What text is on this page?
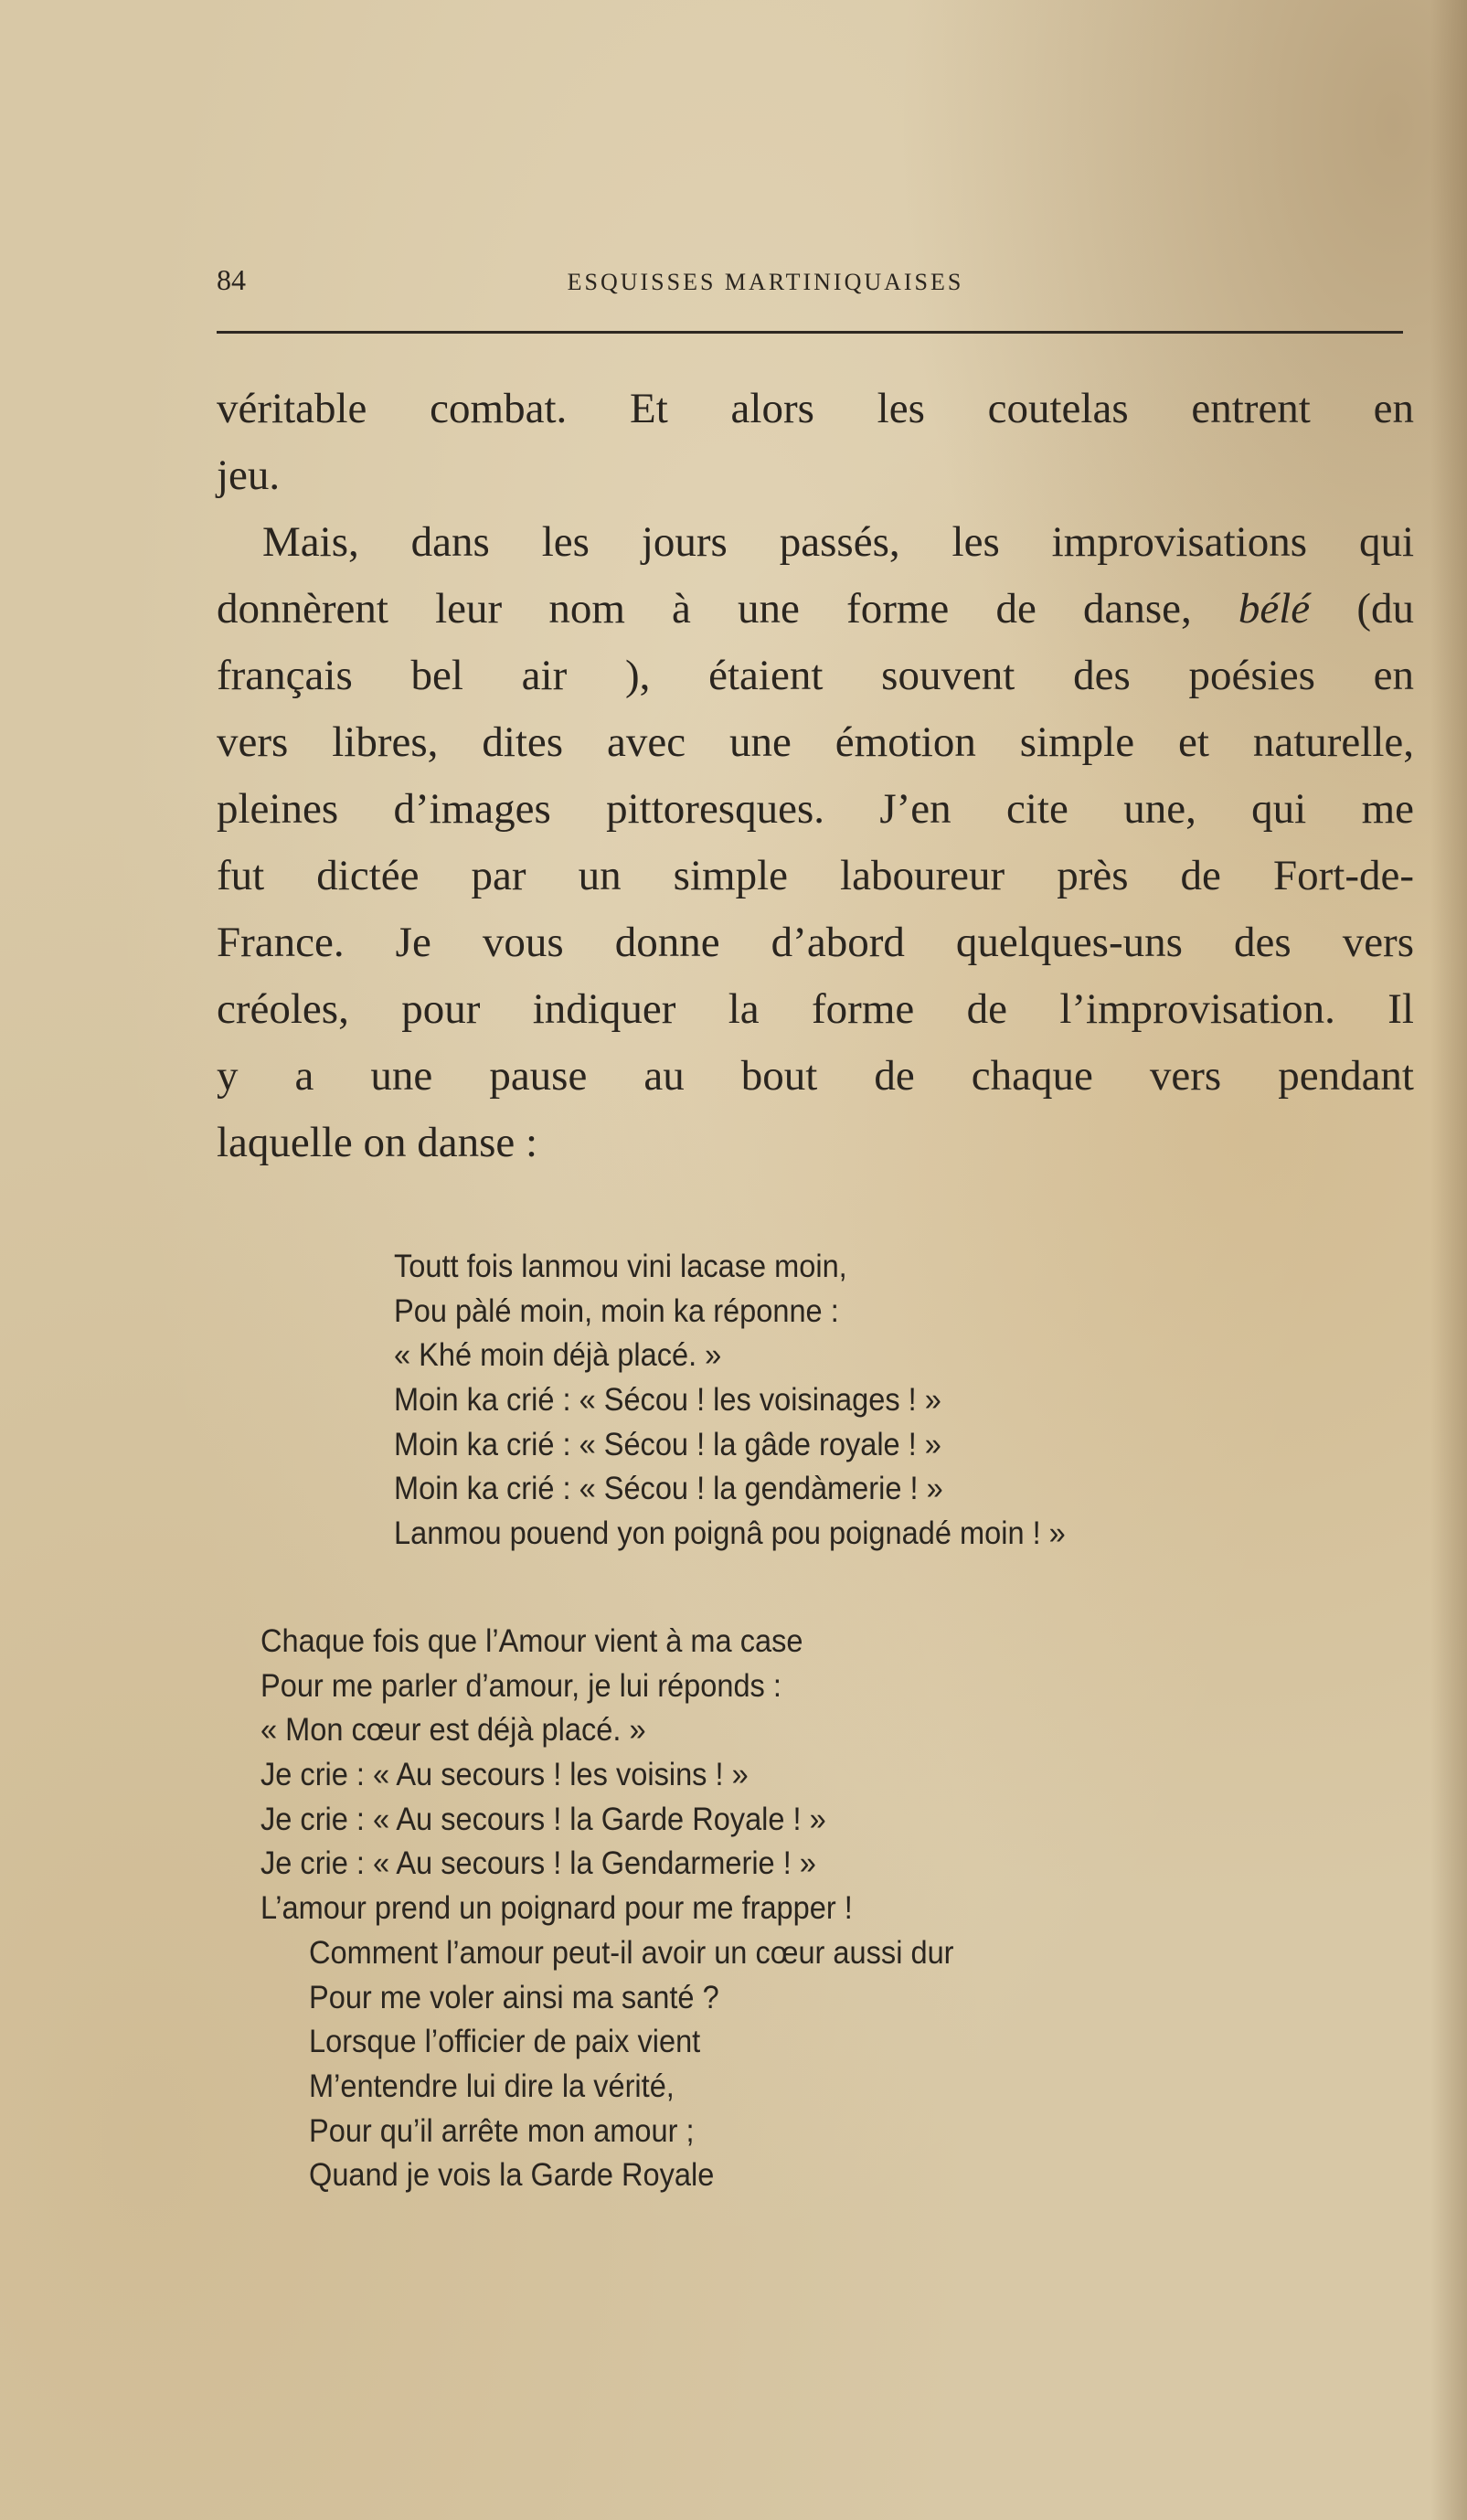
84	ESQUISSES MARTINIQUAISES
véritable combat. Et alors les coutelas entrent en
jeu.
Mais, dans les jours passés, les improvisations qui
donnèrent leur nom à une forme de danse, bélé (du
français bel air ), étaient souvent des poésies en
vers libres, dites avec une émotion simple et naturelle,
pleines d’images pittoresques. J’en cite une, qui me
fut dictée par un simple laboureur près de Fort-de-
France. Je vous donne d’abord quelques-uns des vers
créoles, pour indiquer la forme de l’improvisation. Il
y a une pause au bout de chaque vers pendant
laquelle on danse :
Toutt fois lanmou vini lacase moin,
Pou pàlé moin, moin ka réponne :
« Khé moin déjà placé. »
Moin ka crié : « Sécou ! les voisinages ! »
Moin ka crié : « Sécou ! la gâde royale ! »
Moin ka crié : « Sécou ! la gendàmerie ! »
Lanmou pouend yon poignâ pou poignadé moin ! »
Chaque fois que l’Amour vient à ma case
Pour me parler d’amour, je lui réponds :
« Mon cœur est déjà placé. »
Je crie : « Au secours ! les voisins ! »
Je crie : « Au secours ! la Garde Royale ! »
Je crie : « Au secours ! la Gendarmerie ! »
L’amour prend un poignard pour me frapper !
Comment l’amour peut-il avoir un cœur aussi dur
Pour me voler ainsi ma santé ?
Lorsque l’officier de paix vient
M’entendre lui dire la vérité,
Pour qu’il arrête mon amour ;
Quand je vois la Garde Royale
